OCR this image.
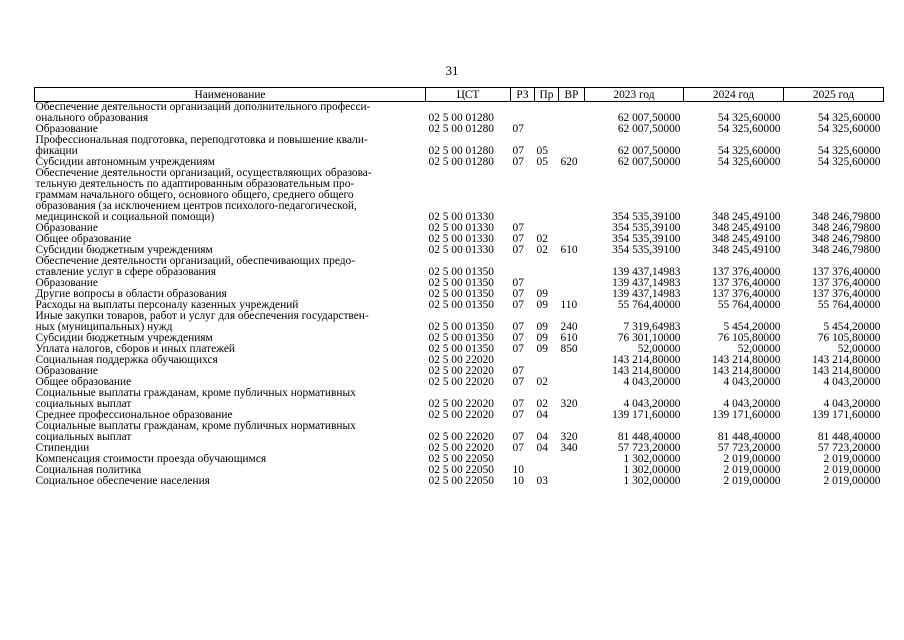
31
Наименование	ЦСТ	РЗ	Пр	ВР	2023 год	2024 год	2025 год

Обеспечение деятельности организаций дополнительного професси-
онального образования	02 5 00 01280				62 007,50000	54 325,60000	54 325,60000

Образование	02 5 00 01280	07			62 007,50000	54 325,60000	54 325,60000

Профессиональная подготовка, переподготовка и повышение квали-
фикации	02 5 00 01280	07	05		62 007,50000	54 325,60000	54 325,60000

Субсидии автономным учреждениям	02 5 00 01280	07	05	620	62 007,50000	54 325,60000	54 325,60000

Обеспечение деятельности организаций, осуществляющих образова-
тельную деятельность по адаптированным образовательным про-
граммам начального общего, основного общего, среднего общего
образования (за исключением центров психолого-педагогической,
медицинской и социальной помощи)	02 5 00 01330				354 535,39100	348 245,49100	348 246,79800

Образование	02 5 00 01330	07			354 535,39100	348 245,49100	348 246,79800

Общее образование	02 5 00 01330	07	02		354 535,39100	348 245,49100	348 246,79800

Субсидии бюджетным учреждениям	02 5 00 01330	07	02	610	354 535,39100	348 245,49100	348 246,79800

Обеспечение деятельности организаций, обеспечивающих предо-
ставление услуг в сфере образования	02 5 00 01350				139 437,14983	137 376,40000	137 376,40000

Образование	02 5 00 01350	07			139 437,14983	137 376,40000	137 376,40000

Другие вопросы в области образования	02 5 00 01350	07	09		139 437,14983	137 376,40000	137 376,40000

Расходы на выплаты персоналу казенных учреждений	02 5 00 01350	07	09	110	55 764,40000	55 764,40000	55 764,40000

Иные закупки товаров, работ и услуг для обеспечения государствен-
ных (муниципальных) нужд	02 5 00 01350	07	09	240	7 319,64983	5 454,20000	5 454,20000

Субсидии бюджетным учреждениям	02 5 00 01350	07	09	610	76 301,10000	76 105,80000	76 105,80000

Уплата налогов, сборов и иных платежей	02 5 00 01350	07	09	850	52,00000	52,00000	52,00000

Социальная поддержка обучающихся	02 5 00 22020				143 214,80000	143 214,80000	143 214,80000

Образование	02 5 00 22020	07			143 214,80000	143 214,80000	143 214,80000

Общее образование	02 5 00 22020	07	02		4 043,20000	4 043,20000	4 043,20000

Социальные выплаты гражданам, кроме публичных нормативных
социальных выплат	02 5 00 22020	07	02	320	4 043,20000	4 043,20000	4 043,20000

Среднее профессиональное образование	02 5 00 22020	07	04		139 171,60000	139 171,60000	139 171,60000

Социальные выплаты гражданам, кроме публичных нормативных
социальных выплат	02 5 00 22020	07	04	320	81 448,40000	81 448,40000	81 448,40000

Стипендии	02 5 00 22020	07	04	340	57 723,20000	57 723,20000	57 723,20000

Компенсация стоимости проезда обучающимся	02 5 00 22050				1 302,00000	2 019,00000	2 019,00000

Социальная политика	02 5 00 22050	10			1 302,00000	2 019,00000	2 019,00000

Социальное обеспечение населения	02 5 00 22050	10	03		1 302,00000	2 019,00000	2 019,00000
